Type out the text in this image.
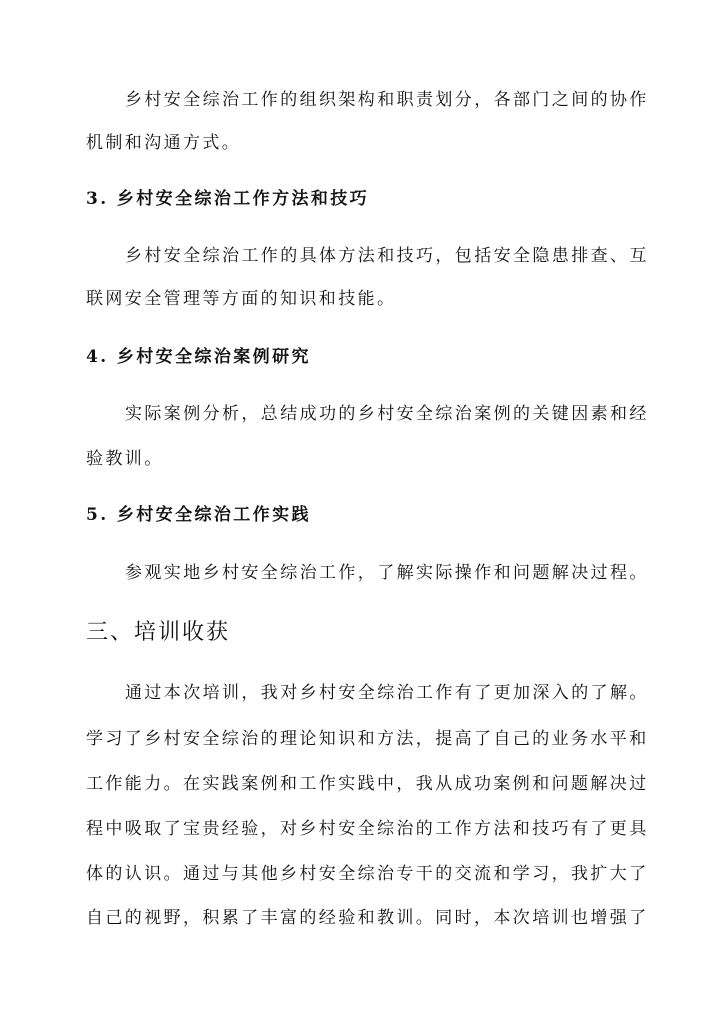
乡村安全综治工作的组织架构和职责划分，各部门之间的协作
机制和沟通方式。
3. 乡村安全综治工作方法和技巧
乡村安全综治工作的具体方法和技巧，包括安全隐患排查、互
联网安全管理等方面的知识和技能。
4. 乡村安全综治案例研究
实际案例分析，总结成功的乡村安全综治案例的关键因素和经
验教训。
5. 乡村安全综治工作实践
参观实地乡村安全综治工作，了解实际操作和问题解决过程。
三、培训收获
通过本次培训，我对乡村安全综治工作有了更加深入的了解。
学习了乡村安全综治的理论知识和方法，提高了自己的业务水平和
工作能力。在实践案例和工作实践中，我从成功案例和问题解决过
程中吸取了宝贵经验，对乡村安全综治的工作方法和技巧有了更具
体的认识。通过与其他乡村安全综治专干的交流和学习，我扩大了
自己的视野，积累了丰富的经验和教训。同时，本次培训也增强了
